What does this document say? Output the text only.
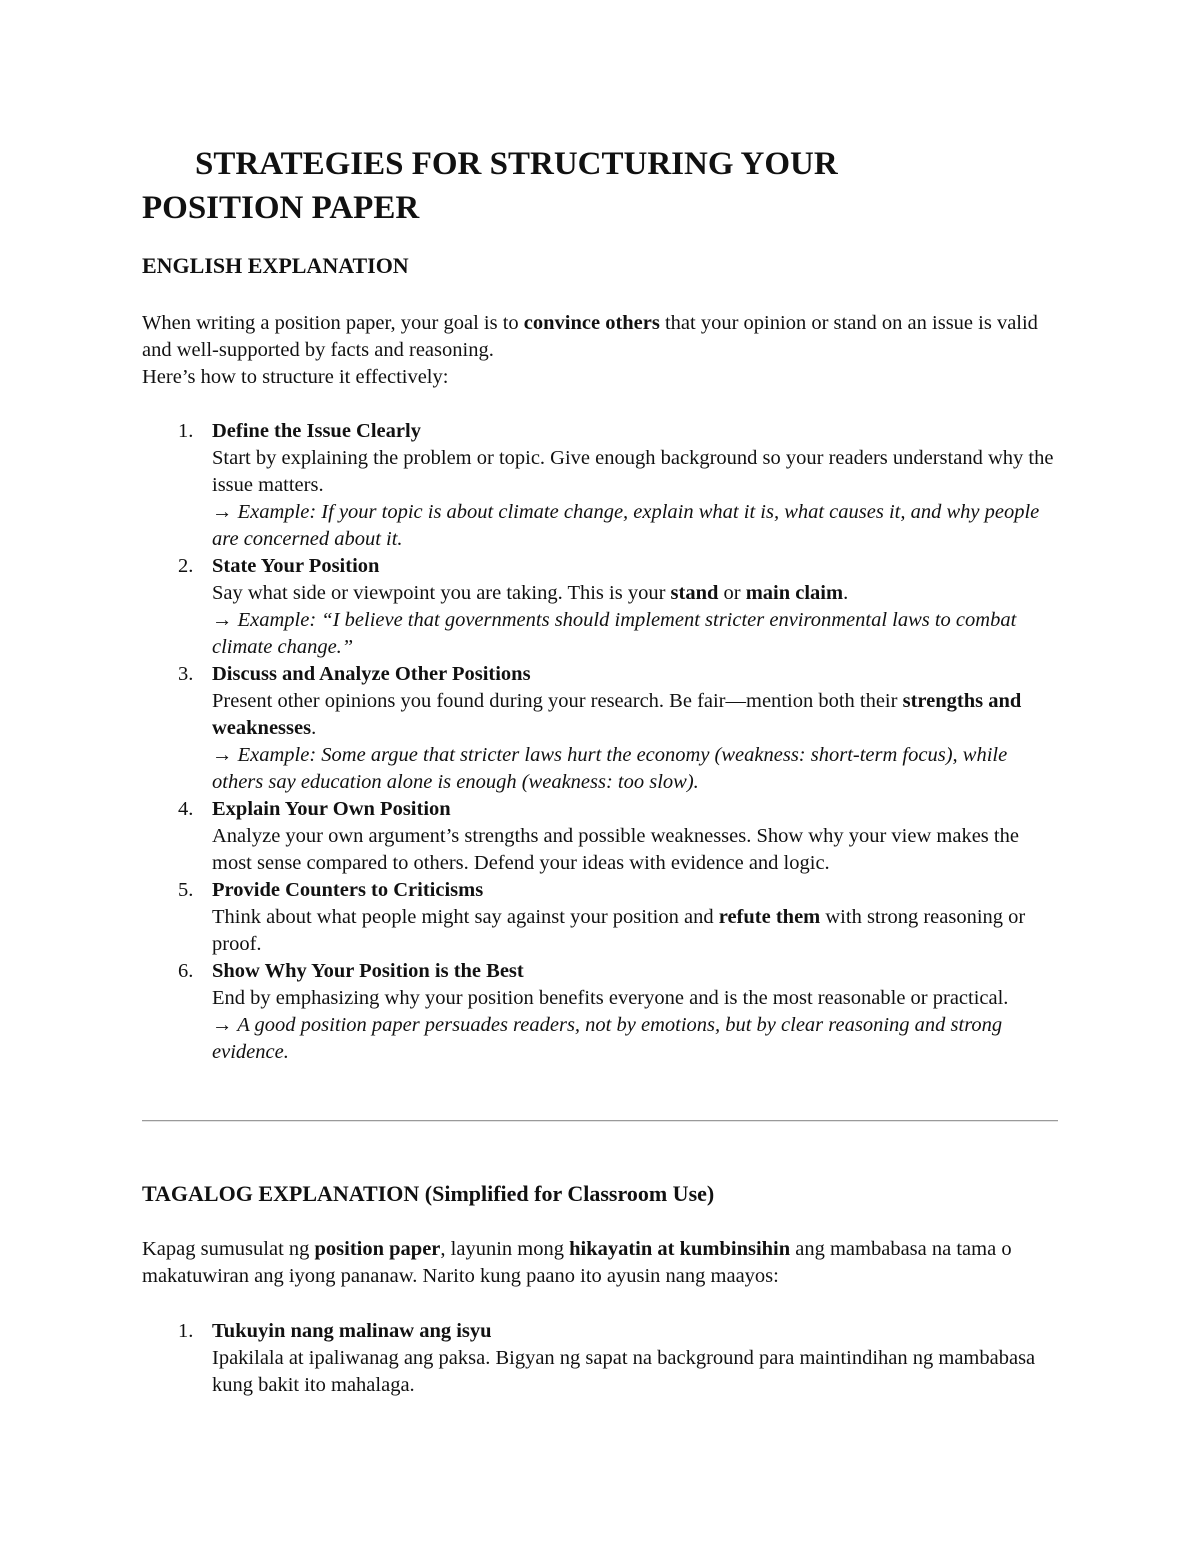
STRATEGIES FOR STRUCTURING YOUR
POSITION PAPER
ENGLISH EXPLANATION

When writing a position paper, your goal is to convince others that your opinion or stand on an issue is valid and well-supported by facts and reasoning.

Here’s how to structure it effectively:

1. Define the Issue Clearly
Start by explaining the problem or topic. Give enough background so your readers understand why the issue matters.
→ Example: If your topic is about climate change, explain what it is, what causes it, and why people are concerned about it.
2. State Your Position
Say what side or viewpoint you are taking. This is your stand or main claim.
→ Example: “I believe that governments should implement stricter environmental laws to combat climate change.”
3. Discuss and Analyze Other Positions
Present other opinions you found during your research. Be fair—mention both their strengths and weaknesses.
→ Example: Some argue that stricter laws hurt the economy (weakness: short-term focus), while others say education alone is enough (weakness: too slow).
4. Explain Your Own Position
Analyze your own argument’s strengths and possible weaknesses. Show why your view makes the most sense compared to others. Defend your ideas with evidence and logic.
5. Provide Counters to Criticisms
Think about what people might say against your position and refute them with strong reasoning or proof.
6. Show Why Your Position is the Best
End by emphasizing why your position benefits everyone and is the most reasonable or practical.
→ A good position paper persuades readers, not by emotions, but by clear reasoning and strong evidence.
TAGALOG EXPLANATION (Simplified for Classroom Use)

Kapag sumusulat ng position paper, layunin mong hikayatin at kumbinsihin ang mambabasa na tama o makatuwiran ang iyong pananaw. Narito kung paano ito ayusin nang maayos:

1. Tukuyin nang malinaw ang isyu
Ipakilala at ipaliwanag ang paksa. Bigyan ng sapat na background para maintindihan ng mambabasa kung bakit ito mahalaga.
